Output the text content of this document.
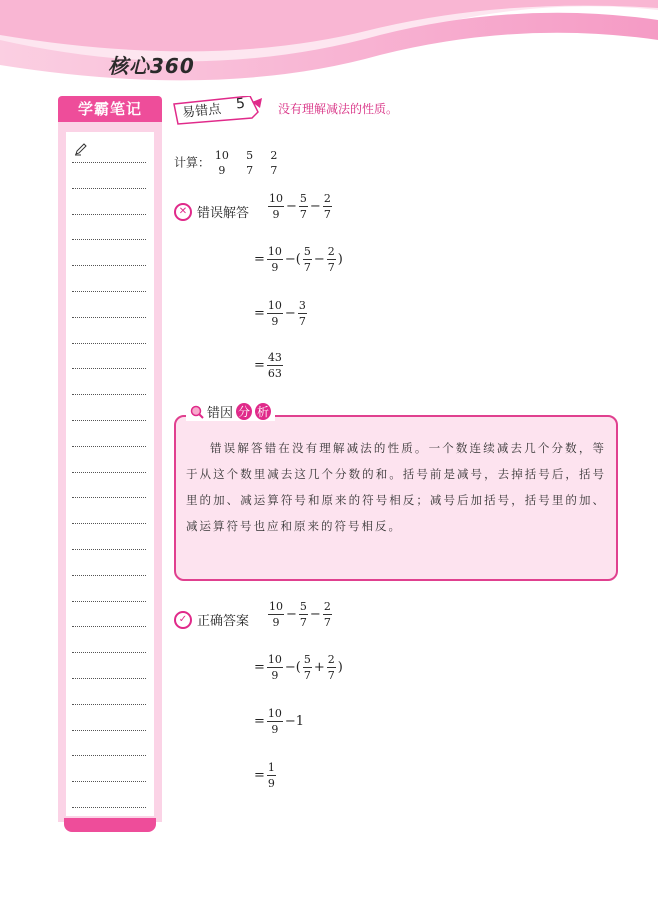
核心360
学霸笔记	易错点 5	没有理解减法的性质。
计算： 10
9

5
7

2
7
✕ 错误解答 $\frac{10}{9} - \frac{5}{7} - \frac{2}{7}$
= $\frac{10}{9}$ −( $\frac{5}{7} - \frac{2}{7}$ )
= $\frac{10}{9} - \frac{3}{7}$
= $\frac{43}{63}$
错误解答错在没有理解减法的性质。一个数连续减去几个分数，等于从这个数里减去这几个分数的和。括号前是减号，去掉括号后，括号里的加、减运算符号和原来的符号相反；减号后加括号，括号里的加、减运算符号也应和原来的符号相反。
错因 分 析
✓ 正确答案 $\frac{10}{9} - \frac{5}{7} - \frac{2}{7}$
= $\frac{10}{9}$ −( $\frac{5}{7} + \frac{2}{7}$ )
= $\frac{10}{9} -1$
= $\frac{1}{9}$
